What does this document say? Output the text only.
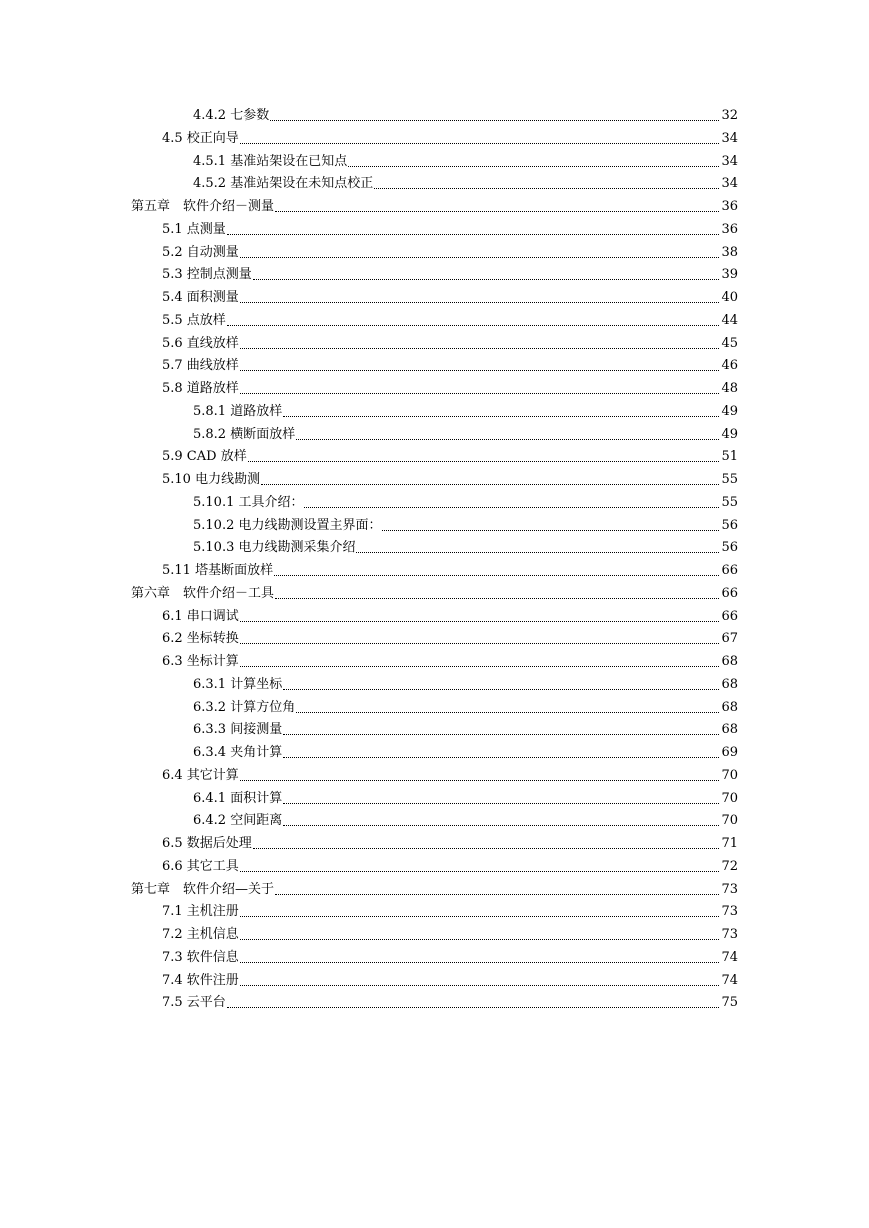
4.4.2 七参数	32
4.5 校正向导	34
4.5.1 基准站架设在已知点	34
4.5.2 基准站架设在未知点校正	34
第五章　软件介绍－测量	36
5.1 点测量	36
5.2 自动测量	38
5.3 控制点测量	39
5.4 面积测量	40
5.5 点放样	44
5.6 直线放样	45
5.7 曲线放样	46
5.8 道路放样	48
5.8.1 道路放样	49
5.8.2 横断面放样	49
5.9 CAD 放样	51
5.10 电力线勘测	55
5.10.1 工具介绍：	55
5.10.2 电力线勘测设置主界面：	56
5.10.3 电力线勘测采集介绍	56
5.11 塔基断面放样	66
第六章　软件介绍－工具	66
6.1 串口调试	66
6.2 坐标转换	67
6.3 坐标计算	68
6.3.1 计算坐标	68
6.3.2 计算方位角	68
6.3.3 间接测量	68
6.3.4 夹角计算	69
6.4 其它计算	70
6.4.1 面积计算	70
6.4.2 空间距离	70
6.5 数据后处理	71
6.6 其它工具	72
第七章　软件介绍—关于	73
7.1 主机注册	73
7.2 主机信息	73
7.3 软件信息	74
7.4 软件注册	74
7.5 云平台	75
